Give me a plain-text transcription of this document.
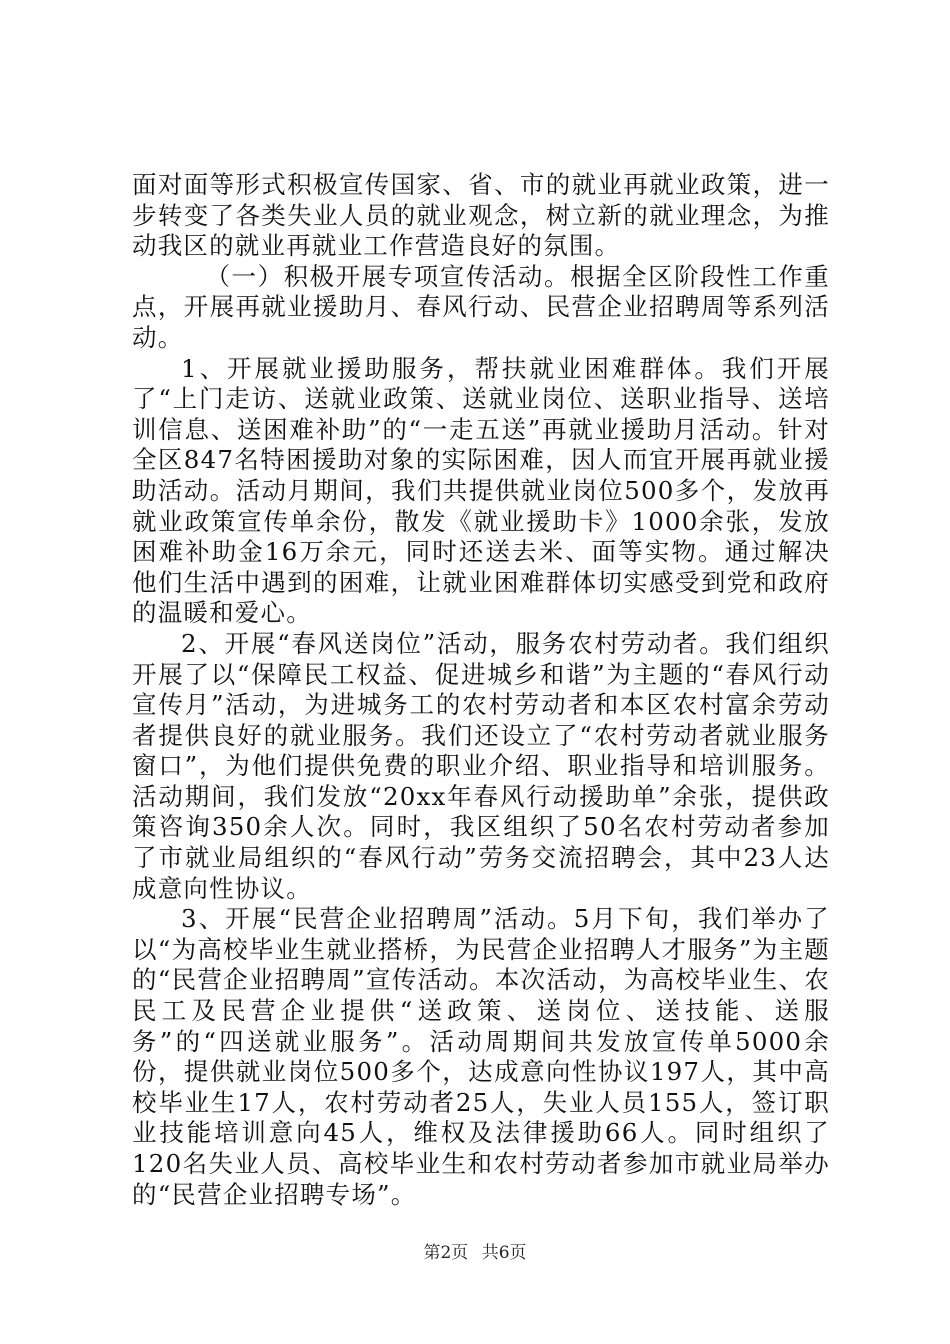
面对面等形式积极宣传国家、省、市的就业再就业政策，进一步转变了各类失业人员的就业观念，树立新的就业理念，为推动我区的就业再就业工作营造良好的氛围。

（一）积极开展专项宣传活动。根据全区阶段性工作重点，开展再就业援助月、春风行动、民营企业招聘周等系列活动。

1、开展就业援助服务，帮扶就业困难群体。我们开展了“上门走访、送就业政策、送就业岗位、送职业指导、送培训信息、送困难补助”的“一走五送”再就业援助月活动。针对全区847名特困援助对象的实际困难，因人而宜开展再就业援助活动。活动月期间，我们共提供就业岗位500多个，发放再就业政策宣传单余份，散发《就业援助卡》1000余张，发放困难补助金16万余元，同时还送去米、面等实物。通过解决他们生活中遇到的困难，让就业困难群体切实感受到党和政府的温暖和爱心。

2、开展“春风送岗位”活动，服务农村劳动者。我们组织开展了以“保障民工权益、促进城乡和谐”为主题的“春风行动宣传月”活动，为进城务工的农村劳动者和本区农村富余劳动者提供良好的就业服务。我们还设立了“农村劳动者就业服务窗口”，为他们提供免费的职业介绍、职业指导和培训服务。活动期间，我们发放“20xx年春风行动援助单”余张，提供政策咨询350余人次。同时，我区组织了50名农村劳动者参加了市就业局组织的“春风行动”劳务交流招聘会，其中23人达成意向性协议。

3、开展“民营企业招聘周”活动。5月下旬，我们举办了以“为高校毕业生就业搭桥，为民营企业招聘人才服务”为主题的“民营企业招聘周”宣传活动。本次活动，为高校毕业生、农民工及民营企业提供“送政策、送岗位、送技能、送服务”的“四送就业服务”。活动周期间共发放宣传单5000余份，提供就业岗位500多个，达成意向性协议197人，其中高校毕业生17人，农村劳动者25人，失业人员155人，签订职业技能培训意向45人，维权及法律援助66人。同时组织了120名失业人员、高校毕业生和农村劳动者参加市就业局举办的“民营企业招聘专场”。

第2页 共6页
